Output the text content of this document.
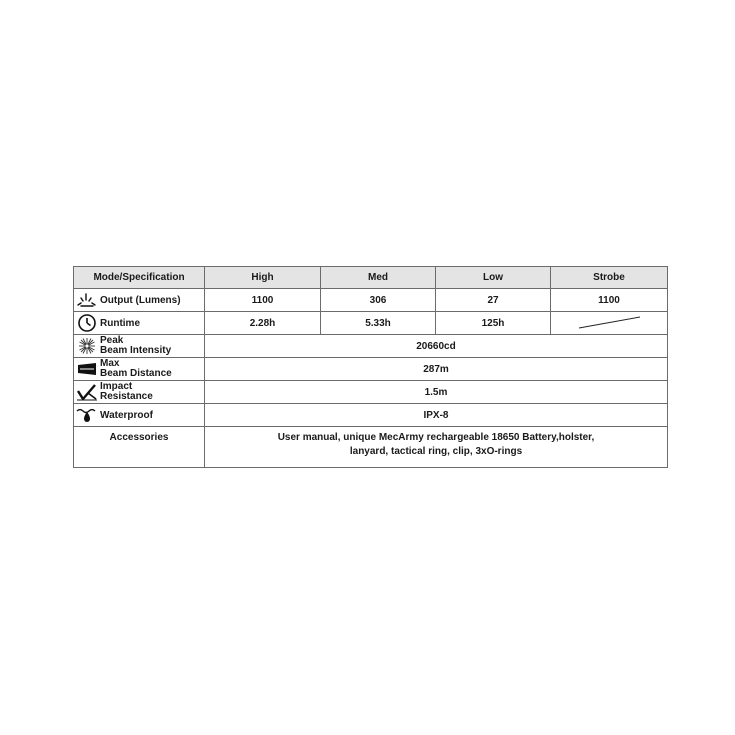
Mode/Specification	High	Med	Low	Strobe

Output (Lumens)	1100	306	27	1100

Runtime	2.28h	5.33h	125h	

Peak
Beam Intensity	20660cd			

Max
Beam Distance	287m			

Impact
Resistance	1.5m			

Waterproof	IPX-8			
Accessories	User manual, unique MecArmy rechargeable 18650 Battery,holster,
lanyard, tactical ring, clip, 3xO-rings			
